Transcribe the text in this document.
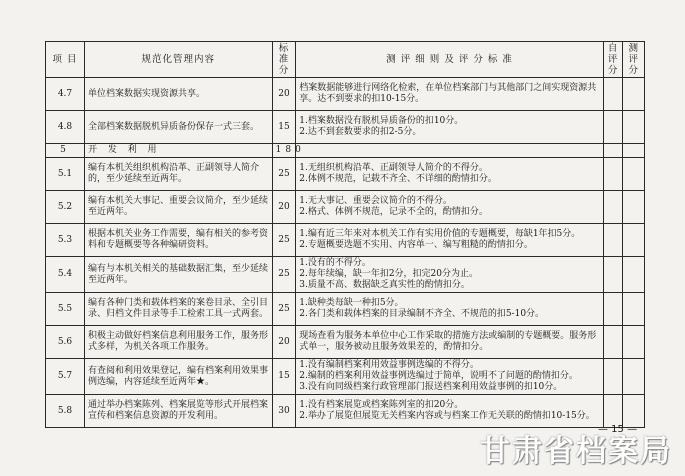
项 目	规范化管理内容	标准分	测 评 细 则 及 评 分 标 准	自评分	测评分
4.7	单位档案数据实现资源共享。	20	档案数据能够进行网络化检索，在单位档案部门与其他部门之间实现资源共享。达不到要求的扣10-15分。		
4.8	全部档案数据脱机异质备份保存一式三套。	15	1.档案数据没有脱机异质备份的扣10分。
2.达不到套数要求的扣2-5分。		
5	开 发 利 用	180			
5.1	编有本机关组织机构沿革、正副领导人简介的，至少延续至近两年。	25	1.无组织机构沿革、正副领导人简介的不得分。
2.体例不规范，记载不齐全、不详细的酌情扣分。		
5.2	编有本机关大事记、重要会议简介，至少延续至近两年。	20	1.无大事记、重要会议简介的不得分。
2.格式、体例不规范，记录不全的，酌情扣分。		
5.3	根据本机关业务工作需要，编有相关的参考资料和专题概要等各种编研资料。	25	1.编有近三年来对本机关工作有实用价值的专题概要，每缺1年扣5分。
2.专题概要选题不实用、内容单一、编写粗糙的酌情扣分。		
5.4	编有与本机关相关的基础数据汇集，至少延续至近两年。	25	1.没有的不得分。
2.每年续编，缺一年扣2分，扣完20分为止。
3.质量不高、数据缺乏真实性的酌情扣分。		
5.5	编有各种门类和载体档案的案卷目录、全引目录、归档文件目录等手工检索工具一式两套。	25	1.缺种类每缺一种扣5分。
2.各门类和载体档案的目录编制不齐全、不规范的扣5-10分。		
5.6	积极主动做好档案信息利用服务工作，服务形式多样，为机关各项工作服务。	20	现场查看为服务本单位中心工作采取的措施方法或编制的专题概要。服务形式单一，服务被动且服务效果差的，酌情扣分。		
5.7	有查阅和利用效果登记，编有档案利用效果事例选编，内容延续至近两年★。	15	1.没有编制档案利用效益事例选编的不得分。
2.编制的档案利用效益事例选编过于简单，说明不了问题的酌情扣分。
3.没有向同级档案行政管理部门报送档案利用效益事例的扣10分。		
5.8	通过举办档案陈列、档案展览等形式开展档案宣传和档案信息资源的开发利用。	30	1.没有档案展览或档案陈列室的扣20分。
2.举办了展览但展览无关档案内容或与档案工作无关联的酌情扣10-15分。		
甘肃省档案局
— 15 —
